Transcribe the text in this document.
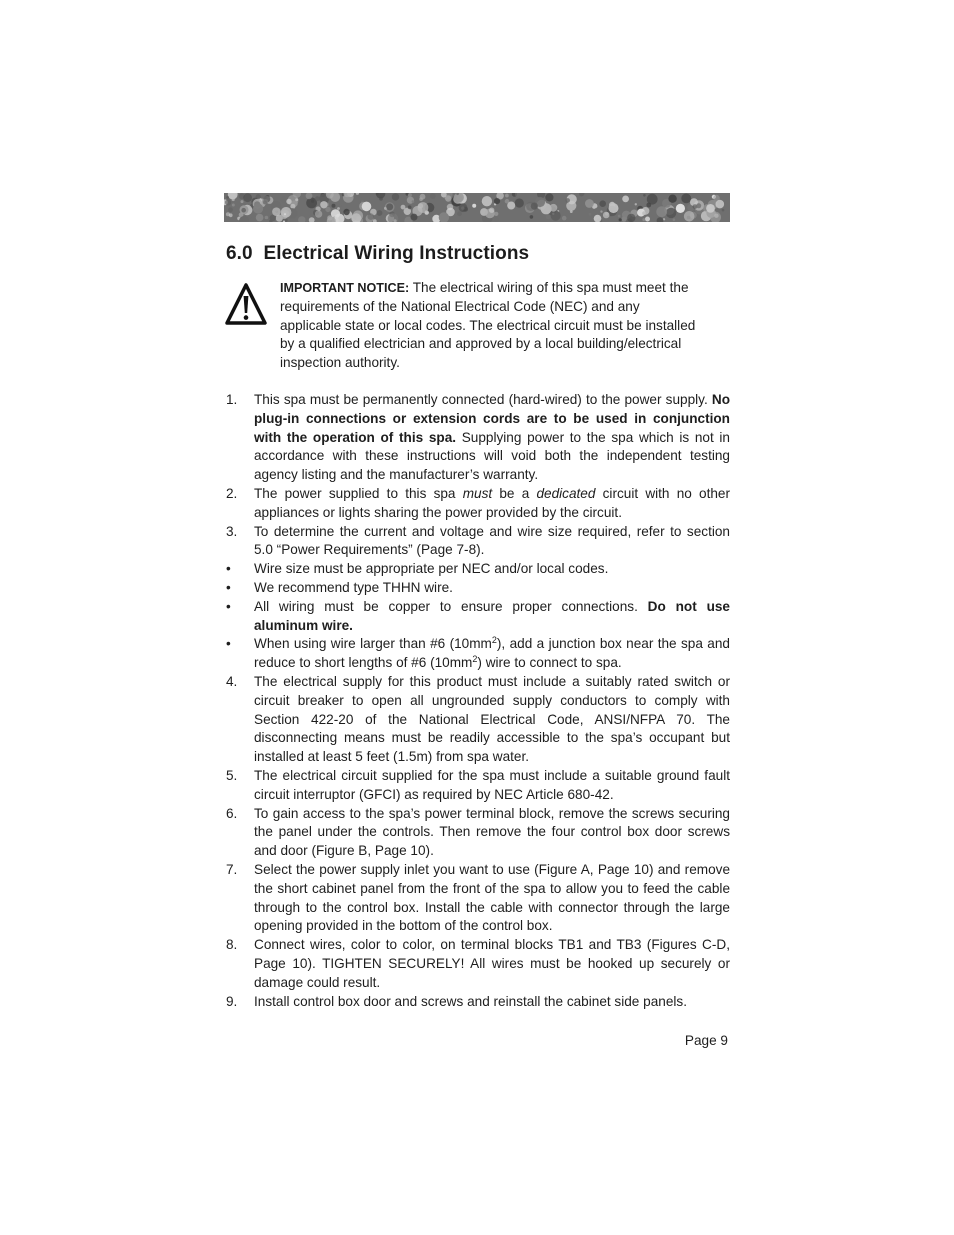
6.0 Electrical Wiring Instructions

IMPORTANT NOTICE: The electrical wiring of this spa must meet the requirements of the National Electrical Code (NEC) and any applicable state or local codes. The electrical circuit must be installed by a qualified electrician and approved by a local building/electrical inspection authority.

1. This spa must be permanently connected (hard-wired) to the power supply. No plug-in connections or extension cords are to be used in conjunction with the operation of this spa. Supplying power to the spa which is not in accordance with these instructions will void both the independent testing agency listing and the manufacturer’s warranty.
2. The power supplied to this spa must be a dedicated circuit with no other appliances or lights sharing the power provided by the circuit.
3. To determine the current and voltage and wire size required, refer to section 5.0 “Power Requirements” (Page 7-8).
• Wire size must be appropriate per NEC and/or local codes.
• We recommend type THHN wire.
• All wiring must be copper to ensure proper connections. Do not use aluminum wire.
• When using wire larger than #6 $(10mm^2)$, add a junction box near the spa and reduce to short lengths of #6 $(10mm^2)$ wire to connect to spa.
4. The electrical supply for this product must include a suitably rated switch or circuit breaker to open all ungrounded supply conductors to comply with Section 422-20 of the National Electrical Code, ANSI/NFPA 70. The disconnecting means must be readily accessible to the spa’s occupant but installed at least 5 feet (1.5m) from spa water.
5. The electrical circuit supplied for the spa must include a suitable ground fault circuit interruptor (GFCI) as required by NEC Article 680-42.
6. To gain access to the spa’s power terminal block, remove the screws securing the panel under the controls. Then remove the four control box door screws and door (Figure B, Page 10).
7. Select the power supply inlet you want to use (Figure A, Page 10) and remove the short cabinet panel from the front of the spa to allow you to feed the cable through to the control box. Install the cable with connector through the large opening provided in the bottom of the control box.
8. Connect wires, color to color, on terminal blocks TB1 and TB3 (Figures C-D, Page 10). TIGHTEN SECURELY! All wires must be hooked up securely or damage could result.
9. Install control box door and screws and reinstall the cabinet side panels.
Page 9
